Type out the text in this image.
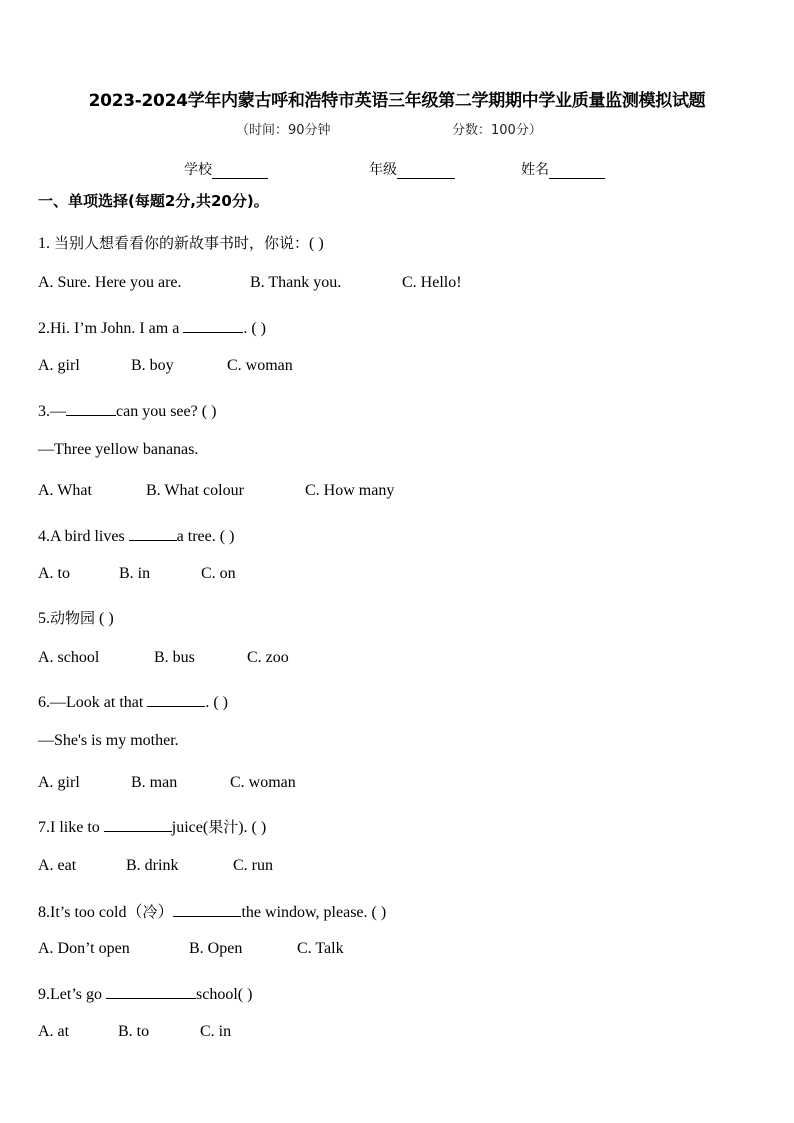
2023-2024学年内蒙古呼和浩特市英语三年级第二学期期中学业质量监测模拟试题
（时间：90分钟	分数：100分）
学校	年级	姓名
一、单项选择(每题2分,共20分)。
1. 当别人想看看你的新故事书时，你说：( )
A. Sure. Here you are.	B. Thank you.	C. Hello!
2.Hi. I’m John. I am a	. ( )
A. girl	B. boy	C. woman
3.—	can you see? ( )
—Three yellow bananas.
A. What	B. What colour	C. How many
4.A bird lives	a tree. ( )
A. to	B. in	C. on
5.动物园 ( )
A. school	B. bus	C. zoo
6.—Look at that	. ( )
—She's is my mother.
A. girl	B. man	C. woman
7.I like to	juice(果汁). ( )
A. eat	B. drink	C. run
8.It’s too cold（冷）	the window, please. ( )
A. Don’t open	B. Open	C. Talk
9.Let’s go	school( )
A. at	B. to	C. in
